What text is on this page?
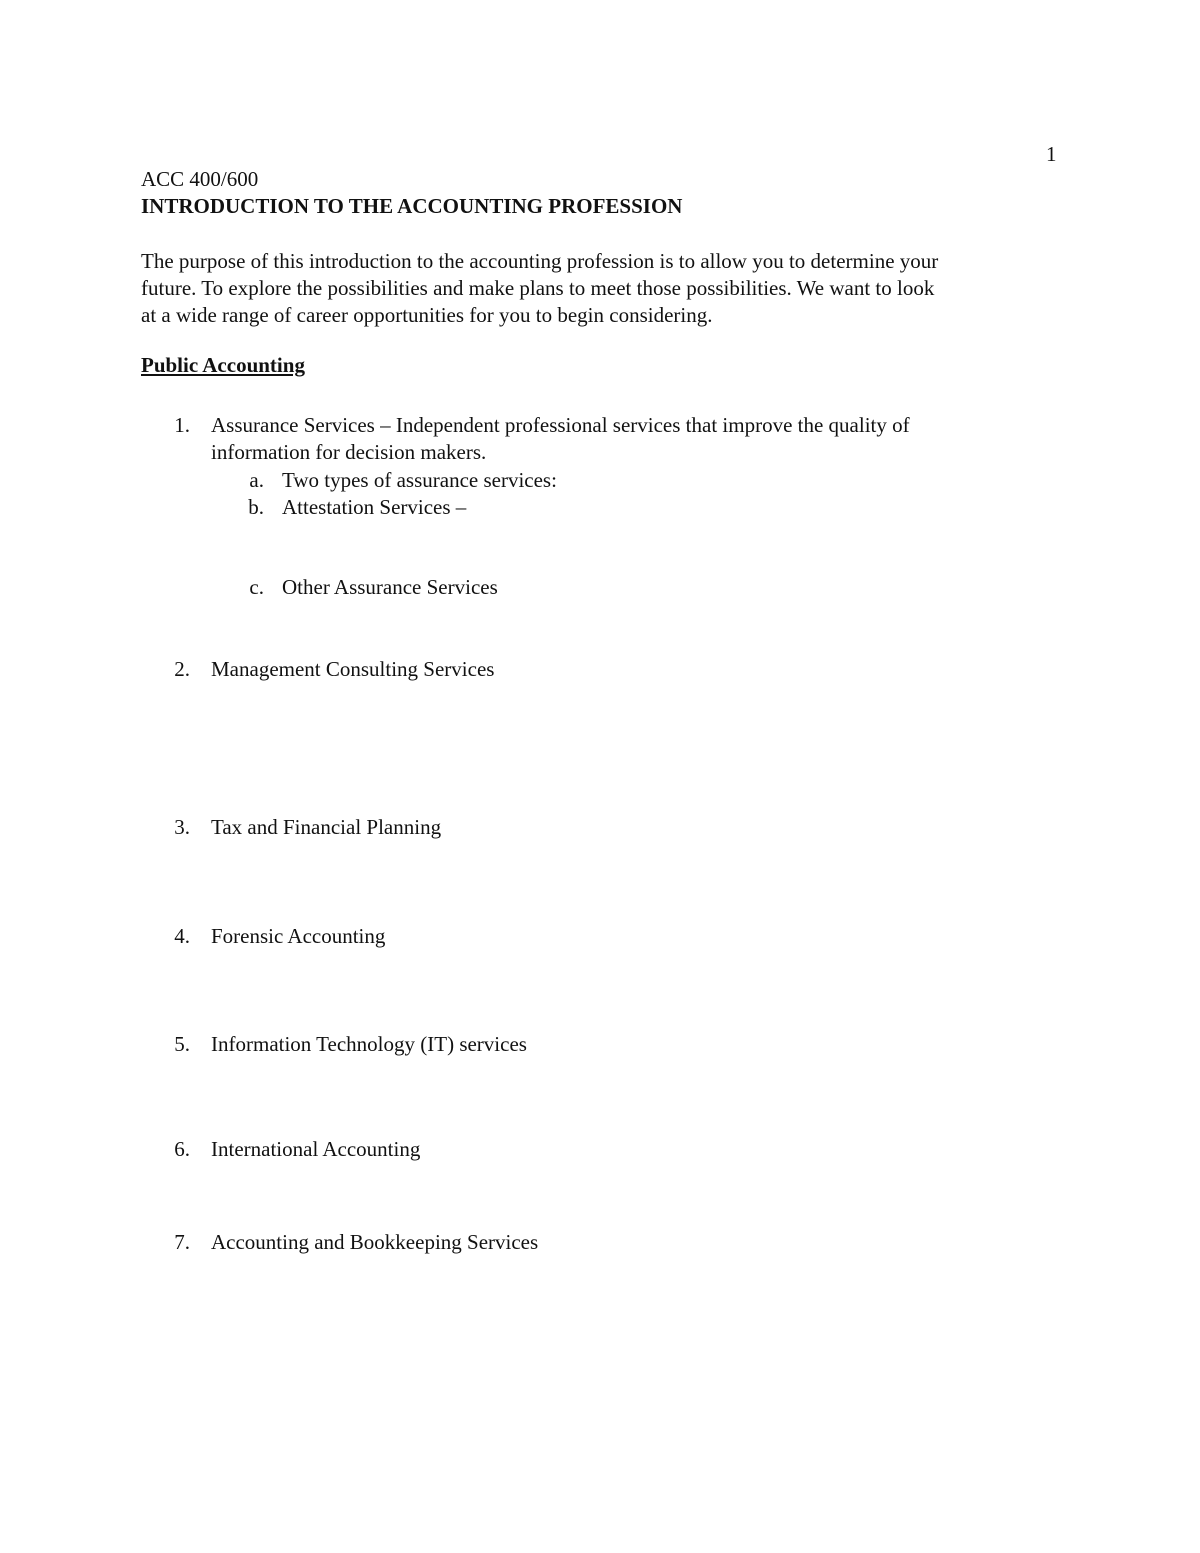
1
ACC 400/600
INTRODUCTION TO THE ACCOUNTING PROFESSION
The purpose of this introduction to the accounting profession is to allow you to determine your
future. To explore the possibilities and make plans to meet those possibilities. We want to look
at a wide range of career opportunities for you to begin considering.
Public Accounting
1. Assurance Services – Independent professional services that improve the quality of
information for decision makers.
a. Two types of assurance services:
b. Attestation Services –
c. Other Assurance Services
2. Management Consulting Services
3. Tax and Financial Planning
4. Forensic Accounting
5. Information Technology (IT) services
6. International Accounting
7. Accounting and Bookkeeping Services
